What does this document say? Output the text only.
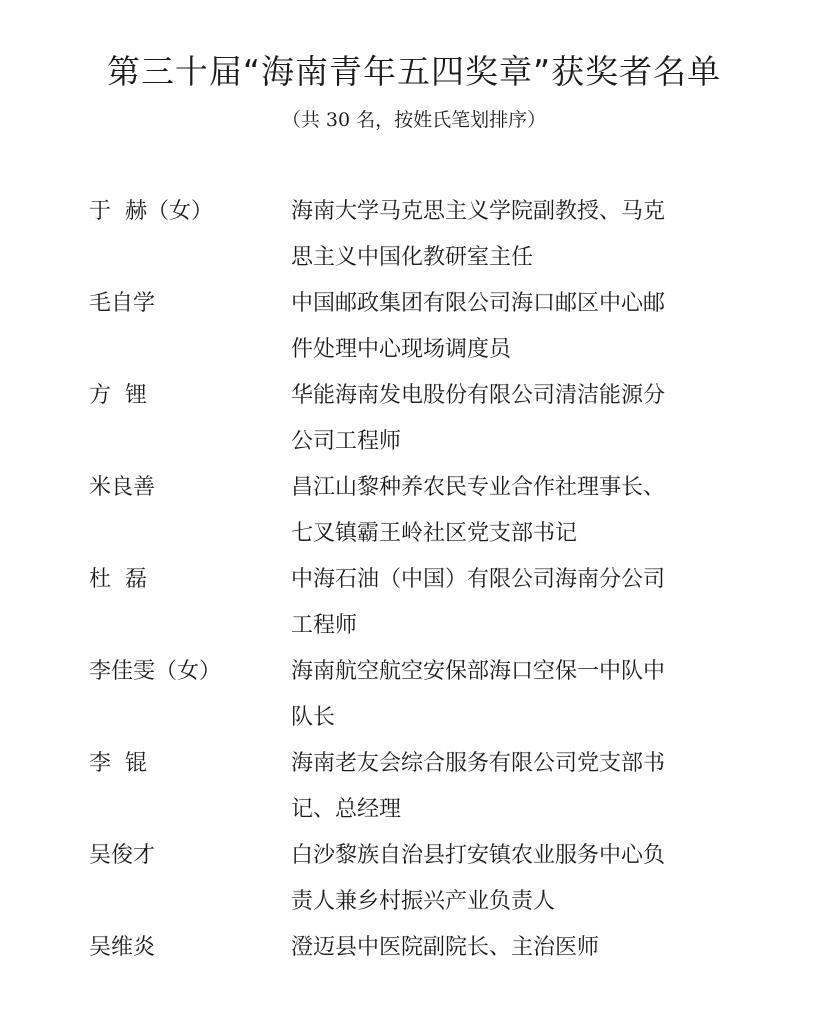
第三十届“海南青年五四奖章”获奖者名单
（共 30 名，按姓氏笔划排序）
于  赫（女）	海南大学马克思主义学院副教授、马克
思主义中国化教研室主任
毛自学	中国邮政集团有限公司海口邮区中心邮
件处理中心现场调度员
方  锂	华能海南发电股份有限公司清洁能源分
公司工程师
米良善	昌江山黎种养农民专业合作社理事长、
七叉镇霸王岭社区党支部书记
杜  磊	中海石油（中国）有限公司海南分公司
工程师
李佳雯（女）	海南航空航空安保部海口空保一中队中
队长
李  锟	海南老友会综合服务有限公司党支部书
记、总经理
吴俊才	白沙黎族自治县打安镇农业服务中心负
责人兼乡村振兴产业负责人
吴维炎	澄迈县中医院副院长、主治医师
